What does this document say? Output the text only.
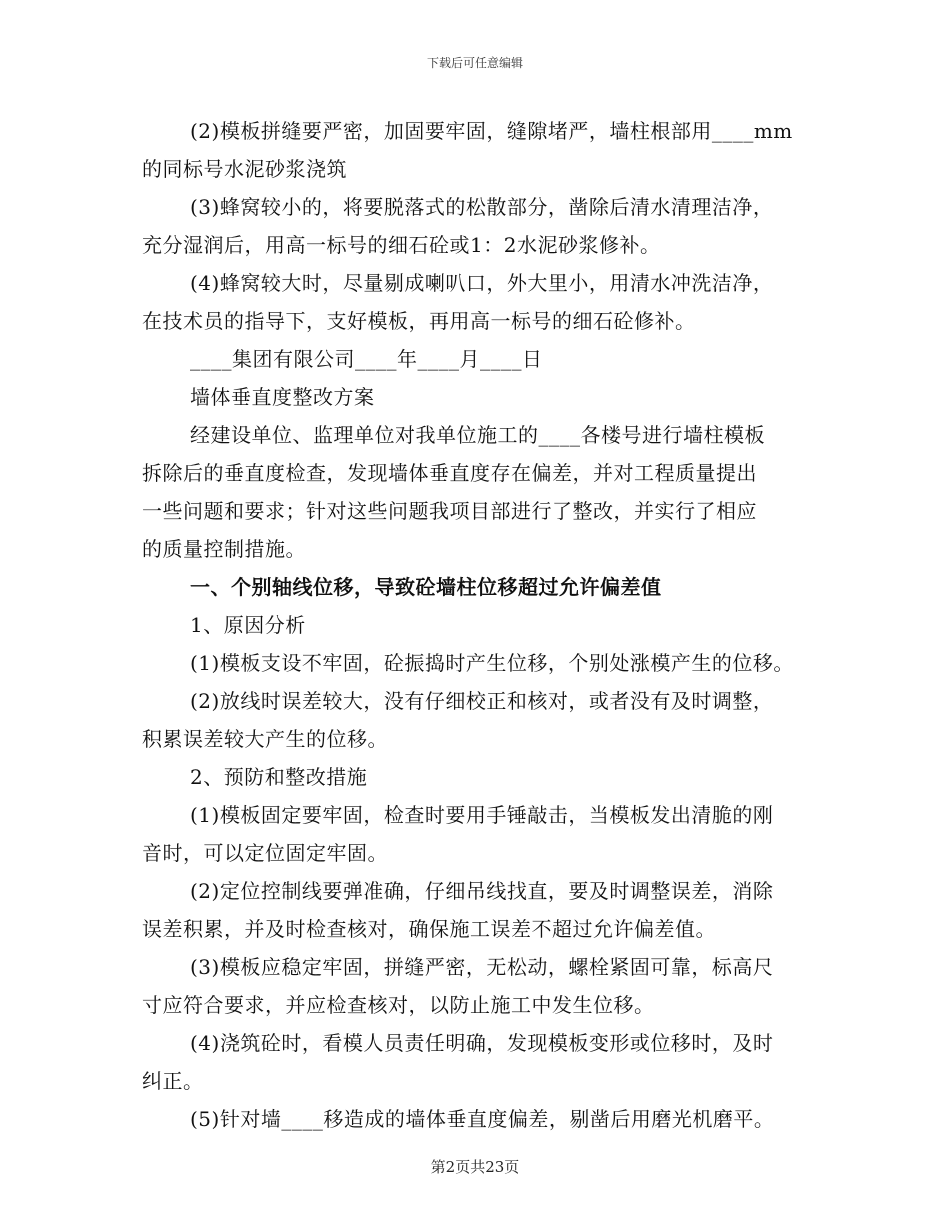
下载后可任意编辑
(2)模板拼缝要严密，加固要牢固，缝隙堵严，墙柱根部用____mm
的同标号水泥砂浆浇筑
(3)蜂窝较小的，将要脱落式的松散部分，凿除后清水清理洁净，
充分湿润后，用高一标号的细石砼或1：2水泥砂浆修补。
(4)蜂窝较大时，尽量剔成喇叭口，外大里小，用清水冲洗洁净，
在技术员的指导下，支好模板，再用高一标号的细石砼修补。
____集团有限公司____年____月____日
墙体垂直度整改方案
经建设单位、监理单位对我单位施工的____各楼号进行墙柱模板
拆除后的垂直度检查，发现墙体垂直度存在偏差，并对工程质量提出
一些问题和要求；针对这些问题我项目部进行了整改，并实行了相应
的质量控制措施。
一、个别轴线位移，导致砼墙柱位移超过允许偏差值
1、原因分析
(1)模板支设不牢固，砼振捣时产生位移，个别处涨模产生的位移。
(2)放线时误差较大，没有仔细校正和核对，或者没有及时调整，
积累误差较大产生的位移。
2、预防和整改措施
(1)模板固定要牢固，检查时要用手锤敲击，当模板发出清脆的刚
音时，可以定位固定牢固。
(2)定位控制线要弹准确，仔细吊线找直，要及时调整误差，消除
误差积累，并及时检查核对，确保施工误差不超过允许偏差值。
(3)模板应稳定牢固，拼缝严密，无松动，螺栓紧固可靠，标高尺
寸应符合要求，并应检查核对，以防止施工中发生位移。
(4)浇筑砼时，看模人员责任明确，发现模板变形或位移时，及时
纠正。
(5)针对墙____移造成的墙体垂直度偏差，剔凿后用磨光机磨平。
第2页共23页
